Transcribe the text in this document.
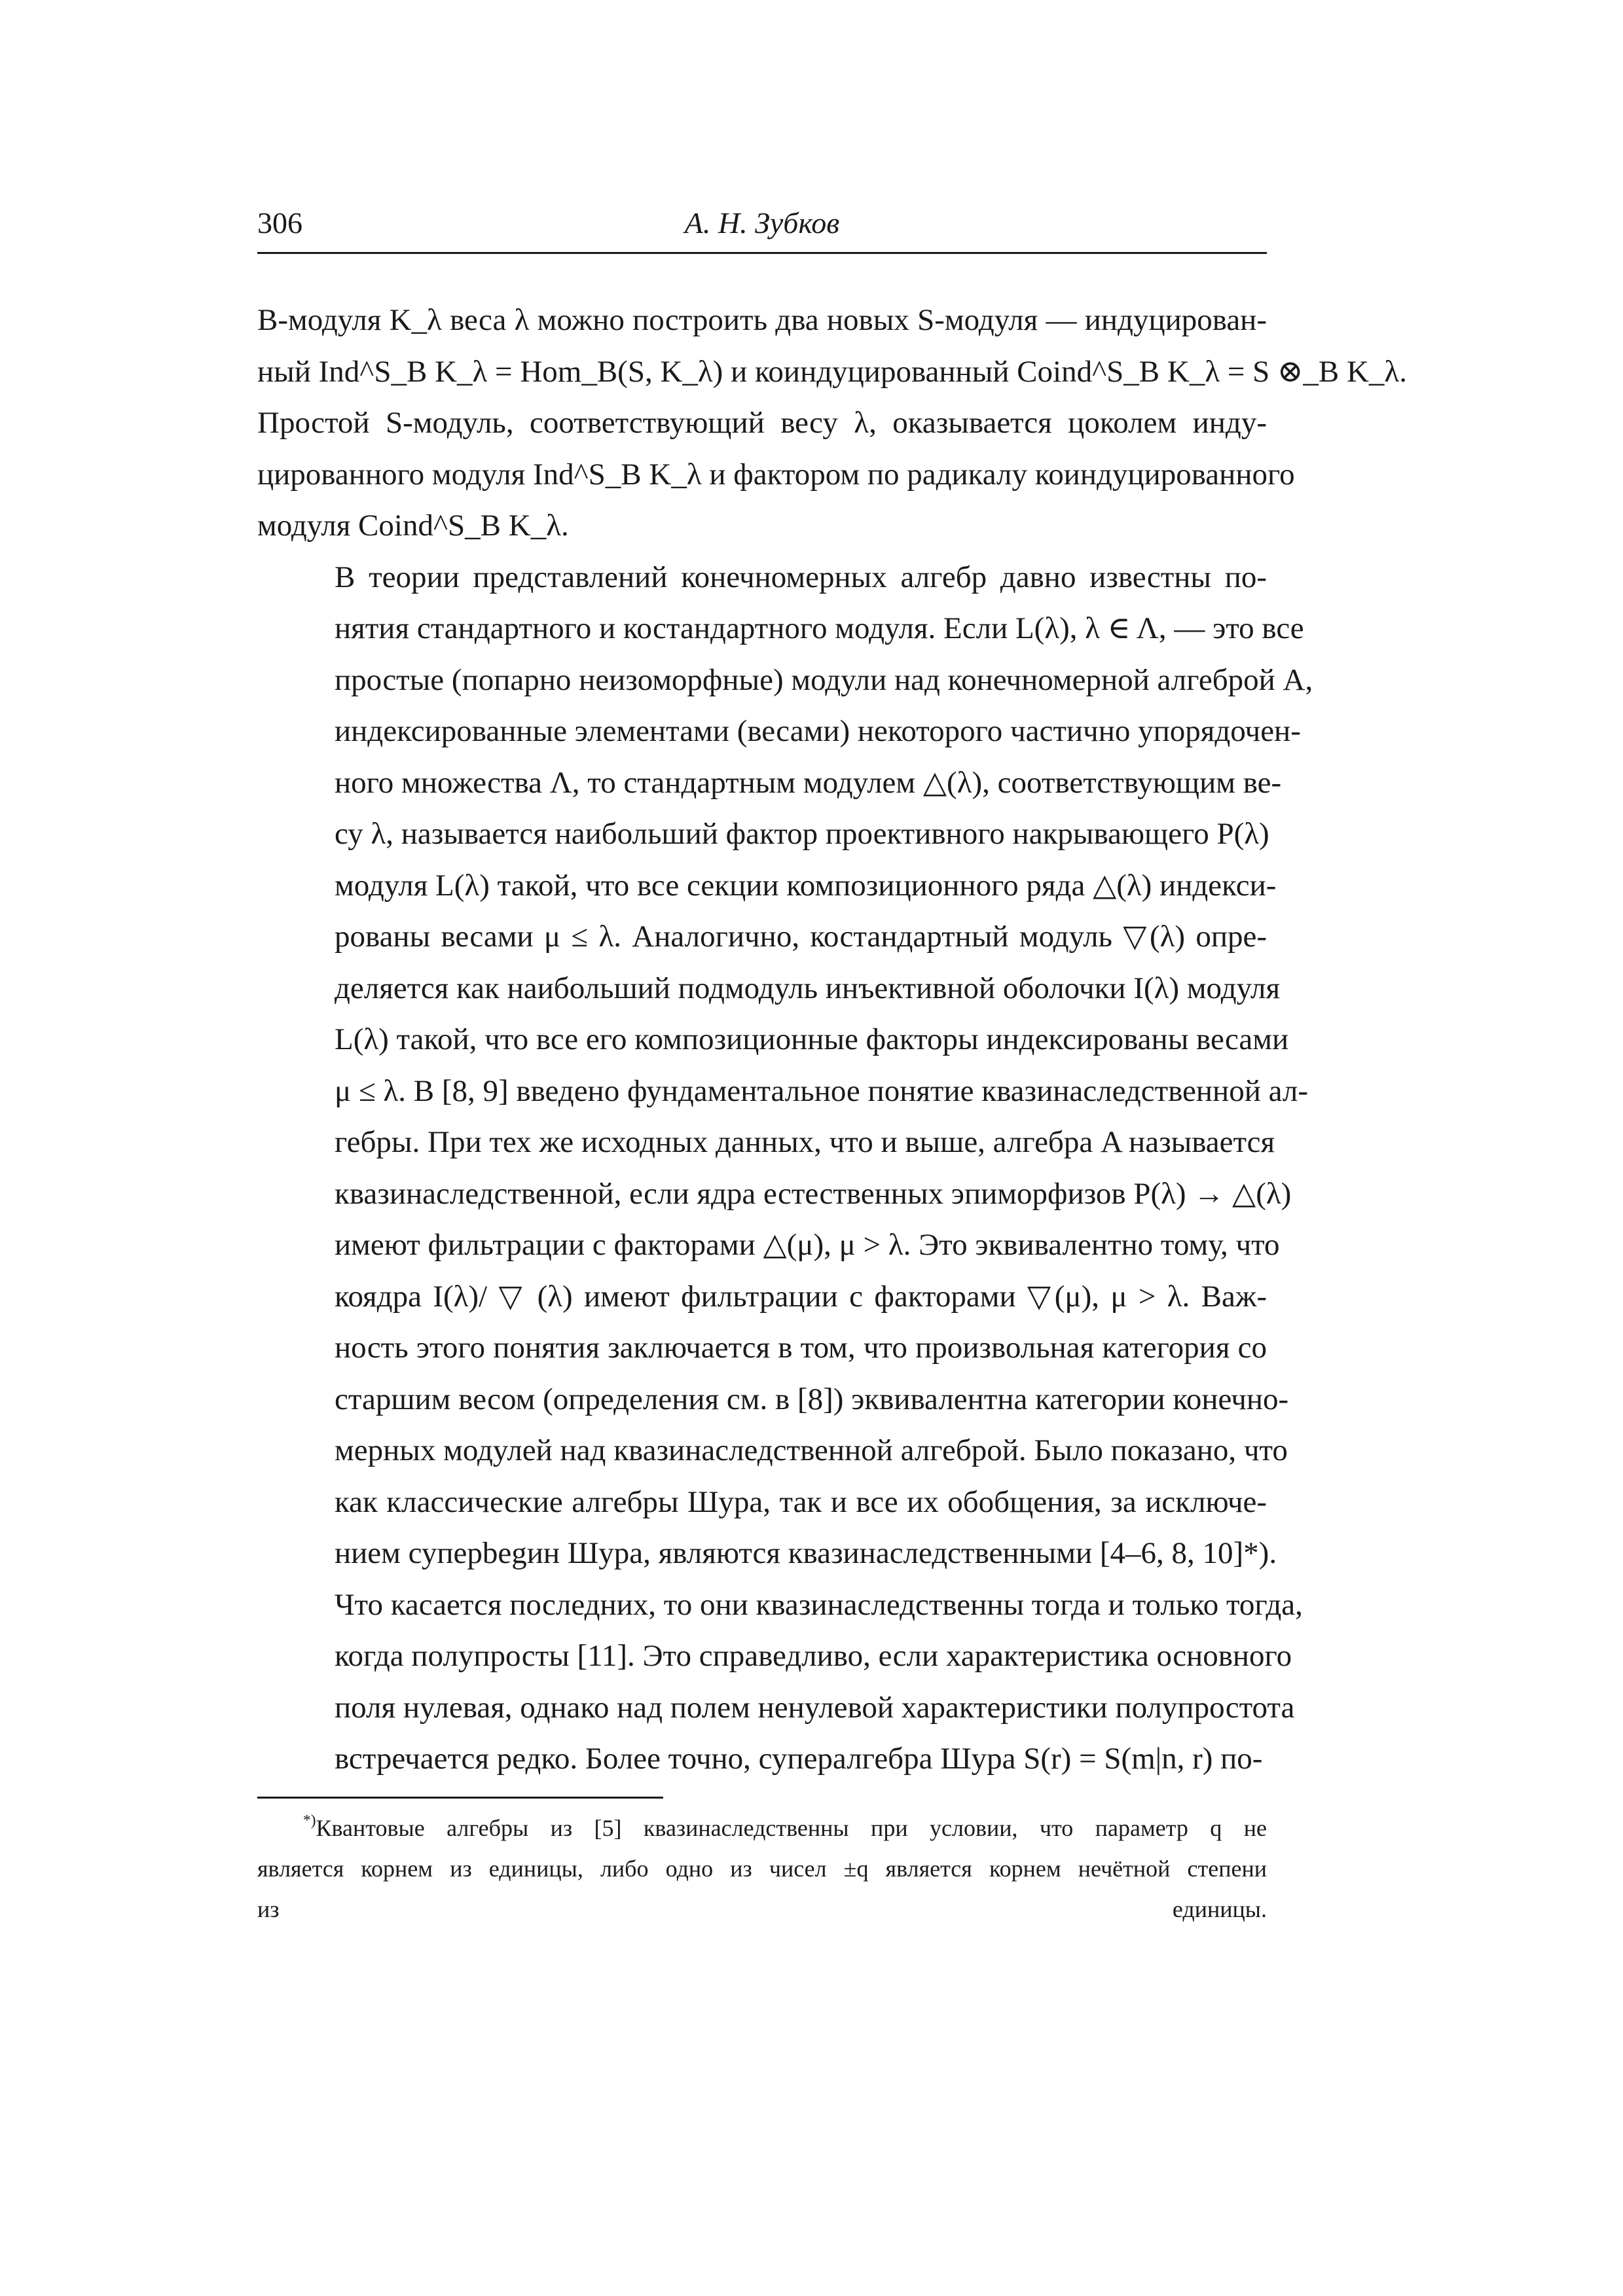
306	А. Н. Зубков

B-модуля K_λ веса λ можно построить два новых S-модуля — индуцирован-
ный Ind^S_B K_λ = Hom_B(S, K_λ) и коиндуцированный Coind^S_B K_λ = S ⊗_B K_λ.
Простой S-модуль, соответствующий весу λ, оказывается цоколем инду-
цированного модуля Ind^S_B K_λ и фактором по радикалу коиндуцированного
модуля Coind^S_B K_λ.

В теории представлений конечномерных алгебр давно известны по-
нятия стандартного и костандартного модуля. Если L(λ), λ ∈ Λ, — это все
простые (попарно неизоморфные) модули над конечномерной алгеброй A,
индексированные элементами (весами) некоторого частично упорядочен-
ного множества Λ, то стандартным модулем △(λ), соответствующим ве-
су λ, называется наибольший фактор проективного накрывающего P(λ)
модуля L(λ) такой, что все секции композиционного ряда △(λ) индекси-
рованы весами μ ≤ λ. Аналогично, костандартный модуль ▽(λ) опре-
деляется как наибольший подмодуль инъективной оболочки I(λ) модуля
L(λ) такой, что все его композиционные факторы индексированы весами
μ ≤ λ. В [8, 9] введено фундаментальное понятие квазинаследственной ал-
гебры. При тех же исходных данных, что и выше, алгебра A называется
квазинаследственной, если ядра естественных эпиморфизов P(λ) → △(λ)
имеют фильтрации с факторами △(μ), μ > λ. Это эквивалентно тому, что
коядра I(λ)/ ▽ (λ) имеют фильтрации с факторами ▽(μ), μ > λ. Важ-
ность этого понятия заключается в том, что произвольная категория со
старшим весом (определения см. в [8]) эквивалентна категории конечно-
мерных модулей над квазинаследственной алгеброй. Было показано, что
как классические алгебры Шура, так и все их обобщения, за исключе-
нием суперbegин Шура, являются квазинаследственными [4–6, 8, 10]*).
Что касается последних, то они квазинаследственны тогда и только тогда,
когда полупросты [11]. Это справедливо, если характеристика основного
поля нулевая, однако над полем ненулевой характеристики полупростота
встречается редко. Более точно, супералгебра Шура S(r) = S(m|n, r) по-

*)Квантовые алгебры из [5] квазинаследственны при условии, что параметр q не
является корнем из единицы, либо одно из чисел ±q является корнем нечётной степени
из единицы.
